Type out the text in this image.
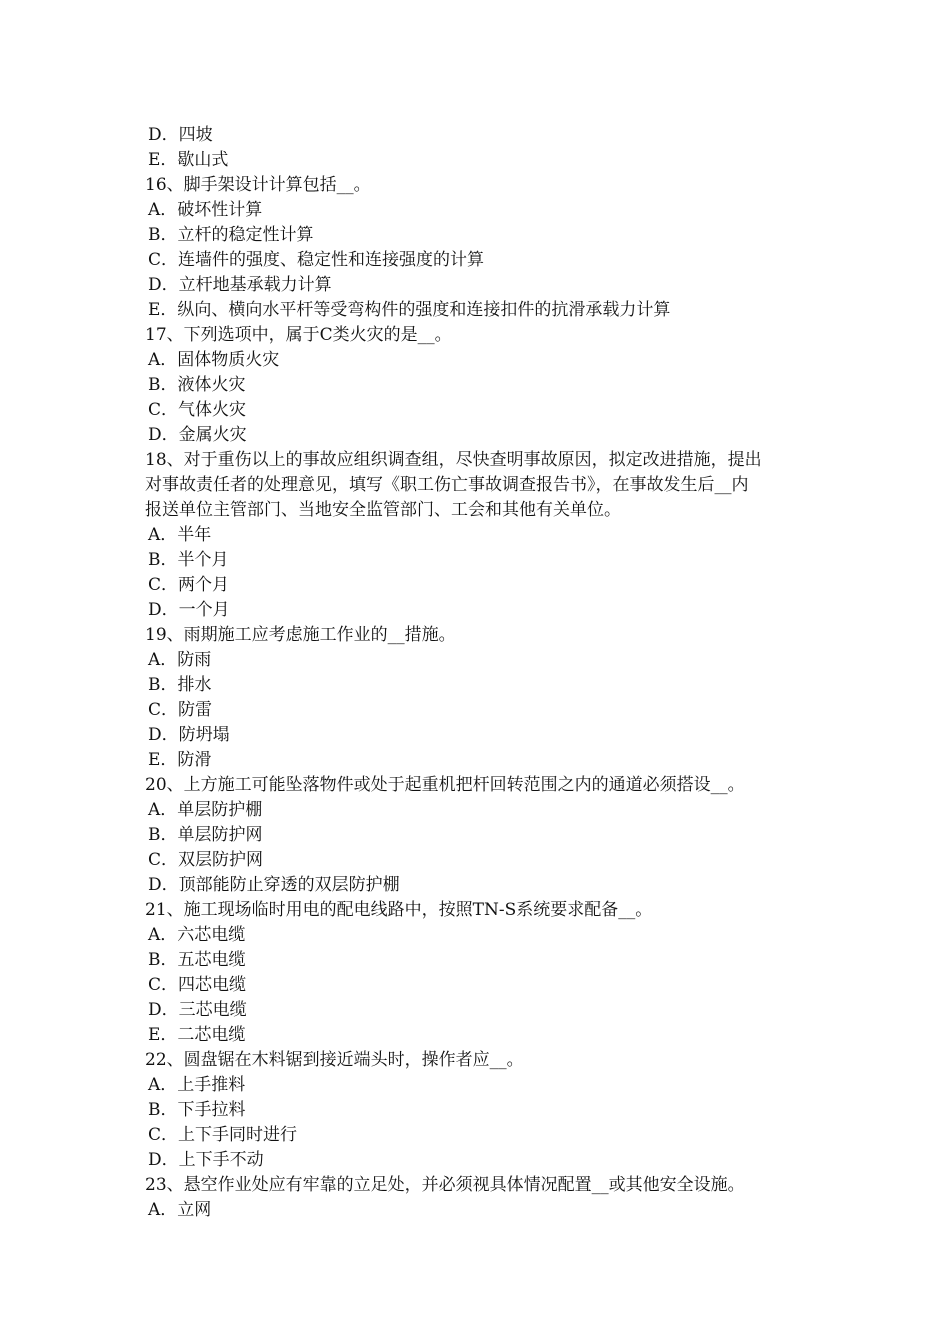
D．四坡
E．歇山式
16、脚手架设计计算包括__。
A．破坏性计算
B．立杆的稳定性计算
C．连墙件的强度、稳定性和连接强度的计算
D．立杆地基承载力计算
E．纵向、横向水平杆等受弯构件的强度和连接扣件的抗滑承载力计算
17、下列选项中，属于C类火灾的是__。
A．固体物质火灾
B．液体火灾
C．气体火灾
D．金属火灾
18、对于重伤以上的事故应组织调查组，尽快查明事故原因，拟定改进措施，提出
对事故责任者的处理意见，填写《职工伤亡事故调查报告书》，在事故发生后__内
报送单位主管部门、当地安全监管部门、工会和其他有关单位。
A．半年
B．半个月
C．两个月
D．一个月
19、雨期施工应考虑施工作业的__措施。
A．防雨
B．排水
C．防雷
D．防坍塌
E．防滑
20、上方施工可能坠落物件或处于起重机把杆回转范围之内的通道必须搭设__。
A．单层防护棚
B．单层防护网
C．双层防护网
D．顶部能防止穿透的双层防护棚
21、施工现场临时用电的配电线路中，按照TN-S系统要求配备__。
A．六芯电缆
B．五芯电缆
C．四芯电缆
D．三芯电缆
E．二芯电缆
22、圆盘锯在木料锯到接近端头时，操作者应__。
A．上手推料
B．下手拉料
C．上下手同时进行
D．上下手不动
23、悬空作业处应有牢靠的立足处，并必须视具体情况配置__或其他安全设施。
A．立网
